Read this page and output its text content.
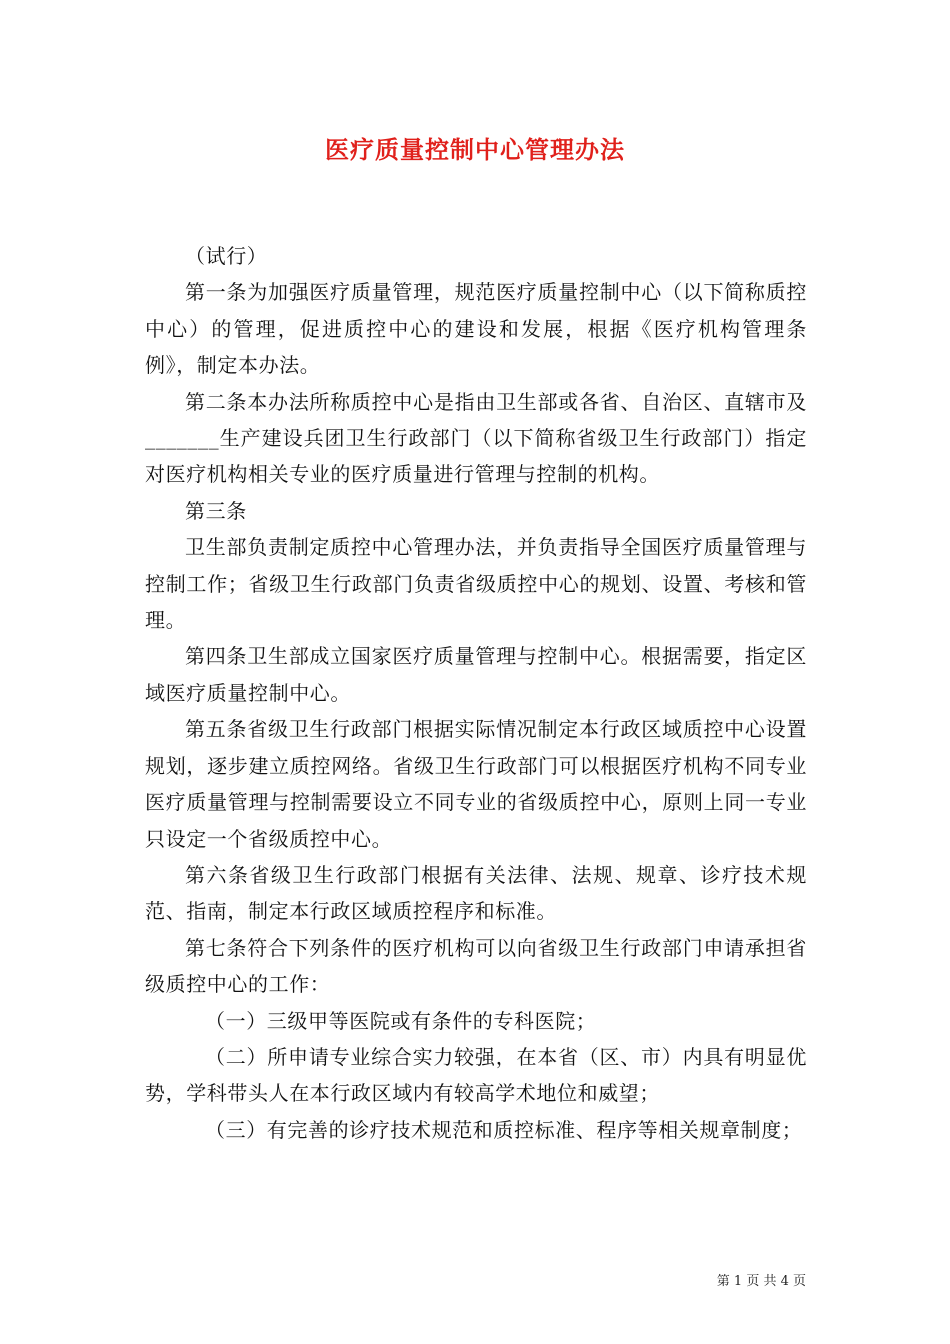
医疗质量控制中心管理办法

（试行）

第一条为加强医疗质量管理，规范医疗质量控制中心（以下简称质控中心）的管理，促进质控中心的建设和发展，根据《医疗机构管理条例》，制定本办法。

第二条本办法所称质控中心是指由卫生部或各省、自治区、直辖市及_______生产建设兵团卫生行政部门（以下简称省级卫生行政部门）指定对医疗机构相关专业的医疗质量进行管理与控制的机构。

第三条

卫生部负责制定质控中心管理办法，并负责指导全国医疗质量管理与控制工作；省级卫生行政部门负责省级质控中心的规划、设置、考核和管理。

第四条卫生部成立国家医疗质量管理与控制中心。根据需要，指定区域医疗质量控制中心。

第五条省级卫生行政部门根据实际情况制定本行政区域质控中心设置规划，逐步建立质控网络。省级卫生行政部门可以根据医疗机构不同专业医疗质量管理与控制需要设立不同专业的省级质控中心，原则上同一专业只设定一个省级质控中心。

第六条省级卫生行政部门根据有关法律、法规、规章、诊疗技术规范、指南，制定本行政区域质控程序和标准。

第七条符合下列条件的医疗机构可以向省级卫生行政部门申请承担省级质控中心的工作：

（一）三级甲等医院或有条件的专科医院；

（二）所申请专业综合实力较强，在本省（区、市）内具有明显优势，学科带头人在本行政区域内有较高学术地位和威望；

（三）有完善的诊疗技术规范和质控标准、程序等相关规章制度；

第 1 页 共 4 页
